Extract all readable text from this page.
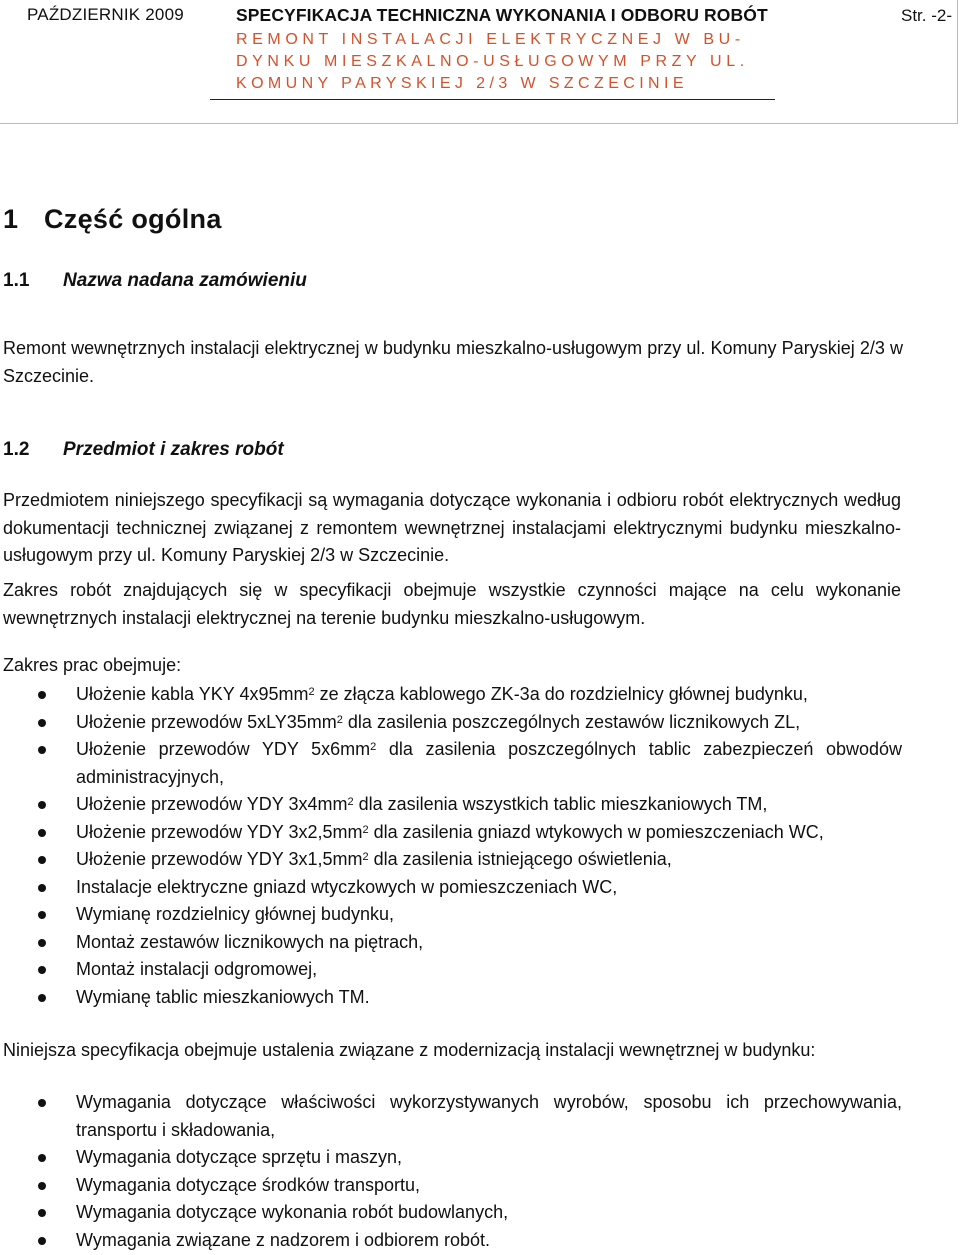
PAŹDZIERNIK 2009	SPECYFIKACJA TECHNICZNA WYKONANIA I ODBORU ROBÓT
REMONT INSTALACJI ELEKTRYCZNEJ W BU-
DYNKU MIESZKALNO-USŁUGOWYM PRZY UL.
KOMUNY PARYSKIEJ 2/3 W SZCZECINIE
Str. -2-
1 Część ogólna
1.1 Nazwa nadana zamówieniu

Remont wewnętrznych instalacji elektrycznej w budynku mieszkalno-usługowym przy ul. Komuny Paryskiej 2/3 w Szczecinie.

1.2 Przedmiot i zakres robót

Przedmiotem niniejszego specyfikacji są wymagania dotyczące wykonania i odbioru robót elektrycznych według dokumentacji technicznej związanej z remontem wewnętrznej instalacjami elektrycznymi budynku mieszkalno-usługowym przy ul. Komuny Paryskiej 2/3 w Szczecinie.

Zakres robót znajdujących się w specyfikacji obejmuje wszystkie czynności mające na celu wykonanie wewnętrznych instalacji elektrycznej na terenie budynku mieszkalno-usługowym.

Zakres prac obejmuje:

Ułożenie kabla YKY $4x95mm^2$ ze złącza kablowego ZK-3a do rozdzielnicy głównej budynku,
Ułożenie przewodów $5xLY35mm^2$ dla zasilenia poszczególnych zestawów licznikowych ZL,
Ułożenie przewodów YDY $5x6mm^2$ dla zasilenia poszczególnych tablic zabezpieczeń obwodów administracyjnych,
Ułożenie przewodów YDY $3x4mm^2$ dla zasilenia wszystkich tablic mieszkaniowych TM,
Ułożenie przewodów YDY $3x2,5mm^2$ dla zasilenia gniazd wtykowych w pomieszczeniach WC,
Ułożenie przewodów YDY $3x1,5mm^2$ dla zasilenia istniejącego oświetlenia,
Instalacje elektryczne gniazd wtyczkowych w pomieszczeniach WC,
Wymianę rozdzielnicy głównej budynku,
Montaż zestawów licznikowych na piętrach,
Montaż instalacji odgromowej,
Wymianę tablic mieszkaniowych TM.

Niniejsza specyfikacja obejmuje ustalenia związane z modernizacją instalacji wewnętrznej w budynku:

Wymagania dotyczące właściwości wykorzystywanych wyrobów, sposobu ich przechowywania, transportu i składowania,
Wymagania dotyczące sprzętu i maszyn,
Wymagania dotyczące środków transportu,
Wymagania dotyczące wykonania robót budowlanych,
Wymagania związane z nadzorem i odbiorem robót.
